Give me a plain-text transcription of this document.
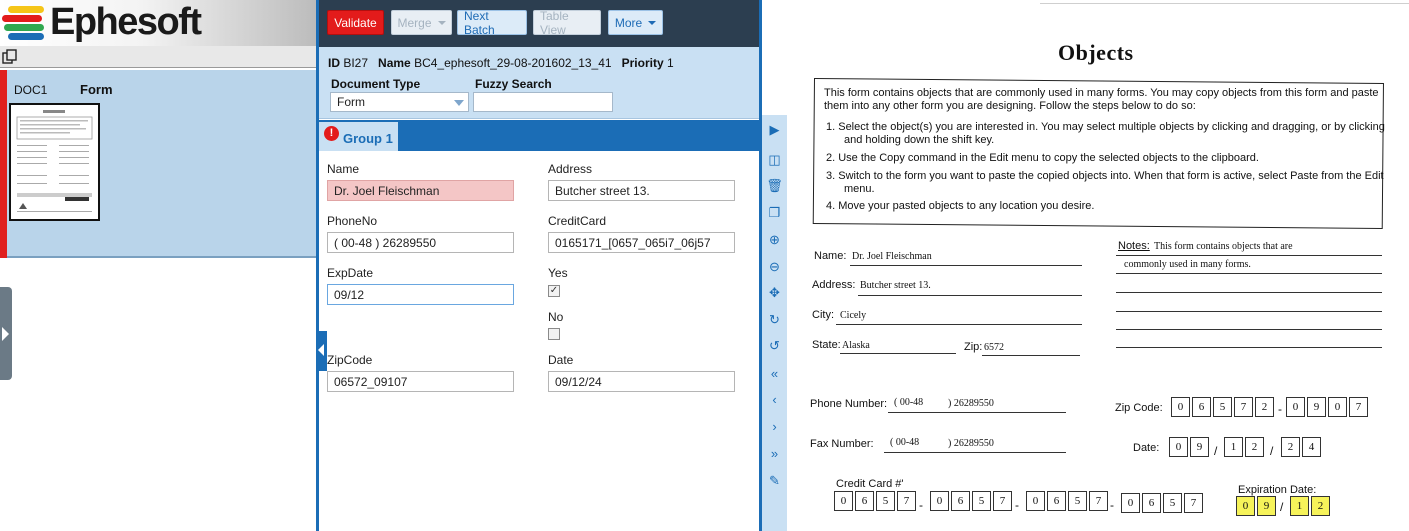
Ephesoft
DOC1	Form
Validate	Merge	Next Batch
Table View	More
ID BI27 Name BC4_ephesoft_29-08-201602_13_41 Priority 1
Document Type	Fuzzy Search
Form
! Group 1
Name
Dr. Joel Fleischman
Address
Butcher street 13.
PhoneNo
( 00-48 ) 26289550
CreditCard
0165171_[0657_065i7_06j57
ExpDate
09/12
Yes
✓
No
ZipCode
06572_09107
Date
09/12/24
▶
◫
🗑
❐
⊕
⊖
✥
↻
↺
«
‹
›
»
✎
Objects
This form contains objects that are commonly used in many forms. You may copy objects from this form and paste
them into any other form you are designing. Follow the steps below to do so:
1. Select the object(s) you are interested in. You may select multiple objects by clicking and dragging, or by clicking
and holding down the shift key.
2. Use the Copy command in the Edit menu to copy the selected objects to the clipboard.
3. Switch to the form you want to paste the copied objects into. When that form is active, select Paste from the Edit
menu.
4. Move your pasted objects to any location you desire.
Name: Dr. Joel Fleischman
Address: Butcher street 13.
City: Cicely
State: Alaska	Zip: 6572
Notes: This form contains objects that are
commonly used in many forms.
Phone Number: ( 00-48 ) 26289550
Fax Number: ( 00-48	) 26289550
Zip Code:	0	6	5	7	2 - 0	9	0	7
Date:	0	9 /	1	2	/	2	4
Credit Card #'
0	6	5	7 -	0	6	5	7 -	0	6	5	7 -	0	6	5	7
Expiration Date:
0	9 /	1	2
